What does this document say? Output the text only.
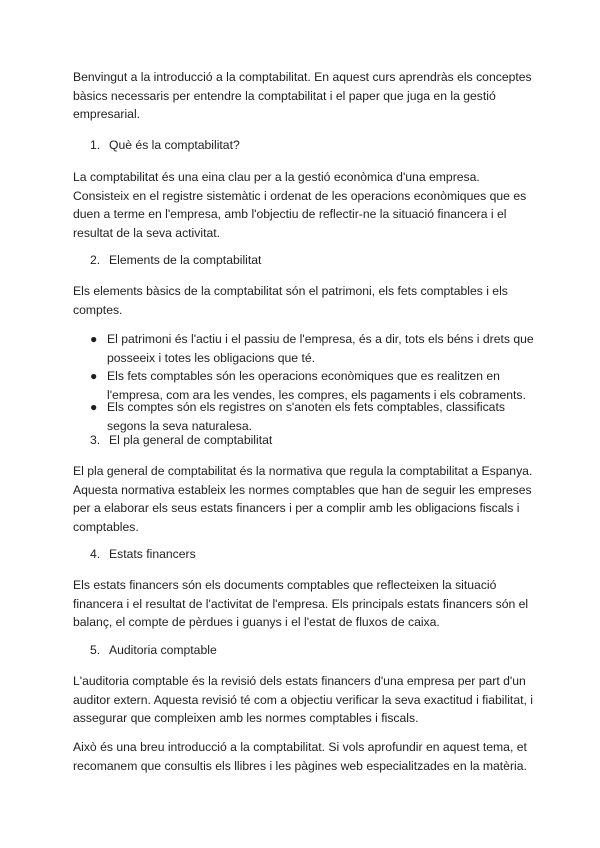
Benvingut a la introducció a la comptabilitat. En aquest curs aprendràs els conceptes bàsics necessaris per entendre la comptabilitat i el paper que juga en la gestió empresarial.

1. Què és la comptabilitat?

La comptabilitat és una eina clau per a la gestió econòmica d'una empresa. Consisteix en el registre sistemàtic i ordenat de les operacions econòmiques que es duen a terme en l'empresa, amb l'objectiu de reflectir-ne la situació financera i el resultat de la seva activitat.

2. Elements de la comptabilitat

Els elements bàsics de la comptabilitat són el patrimoni, els fets comptables i els comptes.

● El patrimoni és l'actiu i el passiu de l'empresa, és a dir, tots els béns i drets que posseeix i totes les obligacions que té.
● Els fets comptables són les operacions econòmiques que es realitzen en l'empresa, com ara les vendes, les compres, els pagaments i els cobraments.
● Els comptes són els registres on s'anoten els fets comptables, classificats segons la seva naturalesa.
3. El pla general de comptabilitat

El pla general de comptabilitat és la normativa que regula la comptabilitat a Espanya. Aquesta normativa estableix les normes comptables que han de seguir les empreses per a elaborar els seus estats financers i per a complir amb les obligacions fiscals i comptables.

4. Estats financers

Els estats financers són els documents comptables que reflecteixen la situació financera i el resultat de l'activitat de l'empresa. Els principals estats financers són el balanç, el compte de pèrdues i guanys i el l'estat de fluxos de caixa.

5. Auditoria comptable

L'auditoria comptable és la revisió dels estats financers d'una empresa per part d'un auditor extern. Aquesta revisió té com a objectiu verificar la seva exactitud i fiabilitat, i assegurar que compleixen amb les normes comptables i fiscals.

Això és una breu introducció a la comptabilitat. Si vols aprofundir en aquest tema, et recomanem que consultis els llibres i les pàgines web especialitzades en la matèria.
